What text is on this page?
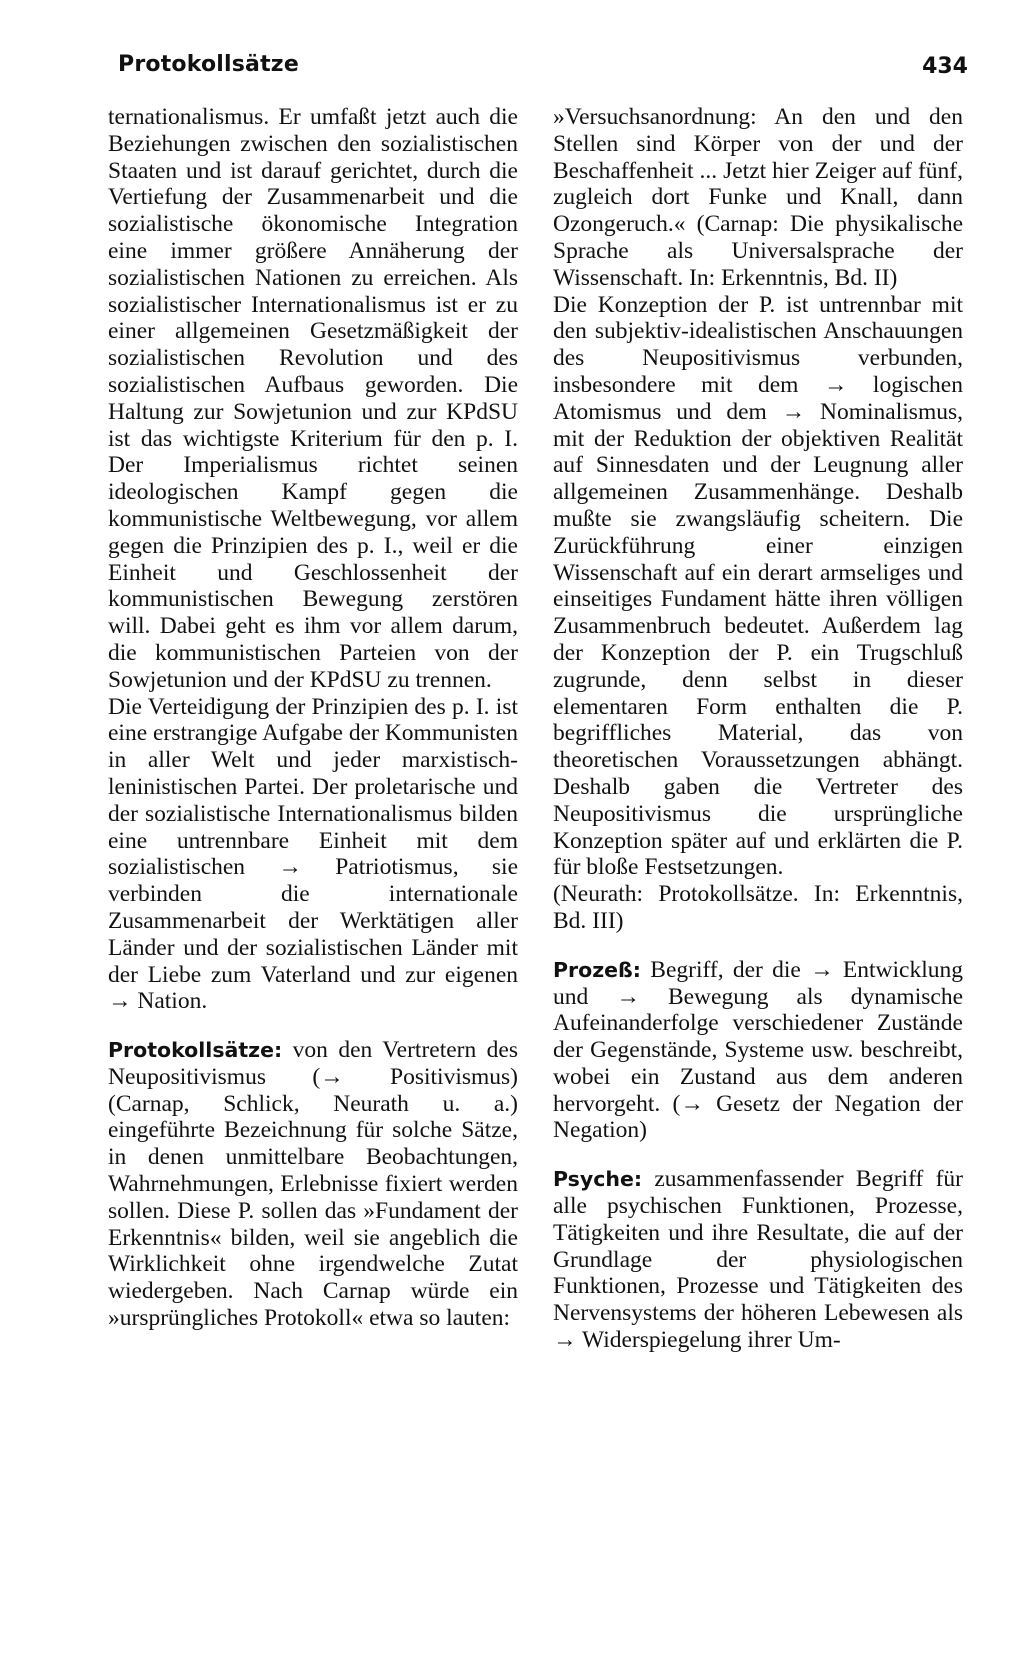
Protokollsätze	434

ternationalismus. Er umfaßt jetzt auch die Beziehungen zwischen den sozialistischen Staaten und ist darauf gerichtet, durch die Vertiefung der Zusammenarbeit und die sozialistische ökonomische Integration eine immer größere Annäherung der sozialistischen Nationen zu erreichen. Als sozialistischer Internationalismus ist er zu einer allgemeinen Gesetzmäßigkeit der sozialistischen Revolution und des sozialistischen Aufbaus geworden. Die Haltung zur Sowjetunion und zur KPdSU ist das wichtigste Kriterium für den p. I. Der Imperialismus richtet seinen ideologischen Kampf gegen die kommunistische Weltbewegung, vor allem gegen die Prinzipien des p. I., weil er die Einheit und Geschlossenheit der kommunistischen Bewegung zerstören will. Dabei geht es ihm vor allem darum, die kommunistischen Parteien von der Sowjetunion und der KPdSU zu trennen.

Die Verteidigung der Prinzipien des p. I. ist eine erstrangige Aufgabe der Kommunisten in aller Welt und jeder marxistisch-leninistischen Partei. Der proletarische und der sozialistische Internationalismus bilden eine untrennbare Einheit mit dem sozialistischen → Patriotismus, sie verbinden die internationale Zusammenarbeit der Werktätigen aller Länder und der sozialistischen Länder mit der Liebe zum Vaterland und zur eigenen → Nation.

Protokollsätze: von den Vertretern des Neupositivismus (→ Positivismus) (Carnap, Schlick, Neurath u. a.) eingeführte Bezeichnung für solche Sätze, in denen unmittelbare Beobachtungen, Wahrnehmungen, Erlebnisse fixiert werden sollen. Diese P. sollen das »Fundament der Erkenntnis« bilden, weil sie angeblich die Wirklichkeit ohne irgendwelche Zutat wiedergeben. Nach Carnap würde ein »ursprüngliches Protokoll« etwa so lauten:

»Versuchsanordnung: An den und den Stellen sind Körper von der und der Beschaffenheit ... Jetzt hier Zeiger auf fünf, zugleich dort Funke und Knall, dann Ozongeruch.« (Carnap: Die physikalische Sprache als Universalsprache der Wissenschaft. In: Erkenntnis, Bd. II)

Die Konzeption der P. ist untrennbar mit den subjektiv-idealistischen Anschauungen des Neupositivismus verbunden, insbesondere mit dem → logischen Atomismus und dem → Nominalismus, mit der Reduktion der objektiven Realität auf Sinnesdaten und der Leugnung aller allgemeinen Zusammenhänge. Deshalb mußte sie zwangsläufig scheitern. Die Zurückführung einer einzigen Wissenschaft auf ein derart armseliges und einseitiges Fundament hätte ihren völligen Zusammenbruch bedeutet. Außerdem lag der Konzeption der P. ein Trugschluß zugrunde, denn selbst in dieser elementaren Form enthalten die P. begriffliches Material, das von theoretischen Voraussetzungen abhängt. Deshalb gaben die Vertreter des Neupositivismus die ursprüngliche Konzeption später auf und erklärten die P. für bloße Festsetzungen.

(Neurath: Protokollsätze. In: Erkenntnis, Bd. III)

Prozeß: Begriff, der die → Entwicklung und → Bewegung als dynamische Aufeinanderfolge verschiedener Zustände der Gegenstände, Systeme usw. beschreibt, wobei ein Zustand aus dem anderen hervorgeht. (→ Gesetz der Negation der Negation)

Psyche: zusammenfassender Begriff für alle psychischen Funktionen, Prozesse, Tätigkeiten und ihre Resultate, die auf der Grundlage der physiologischen Funktionen, Prozesse und Tätigkeiten des Nervensystems der höheren Lebewesen als → Widerspiegelung ihrer Um-
